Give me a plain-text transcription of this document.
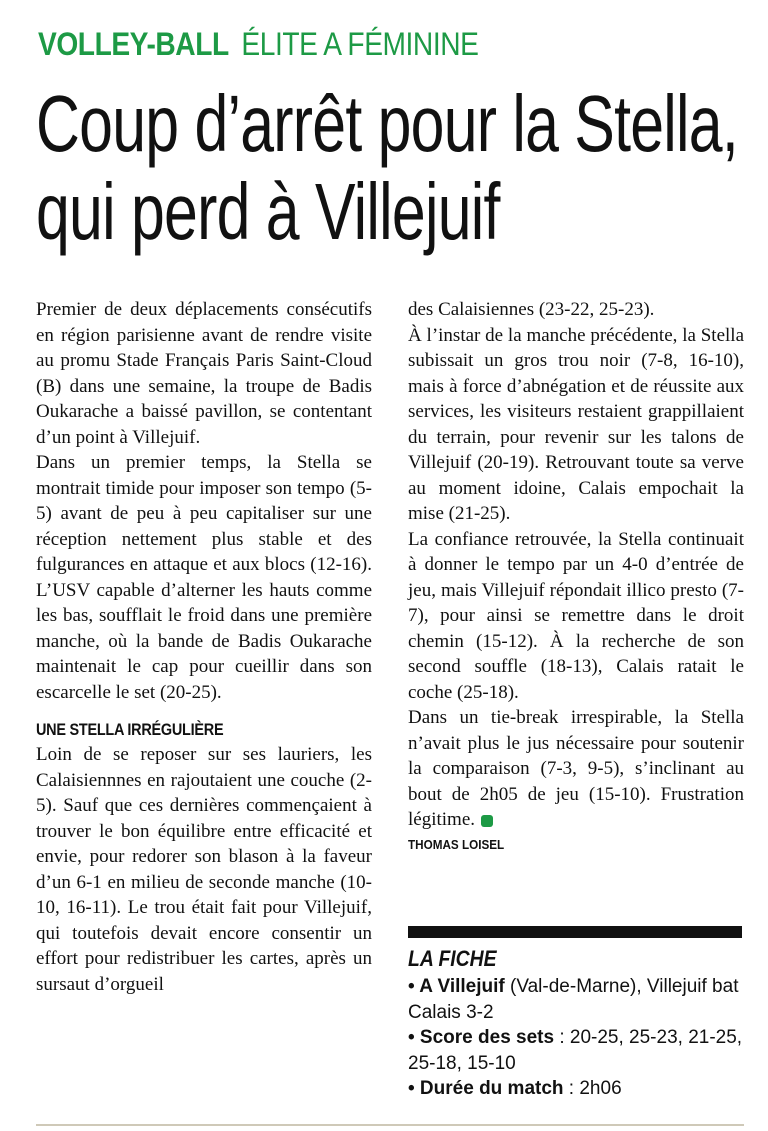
VOLLEY-BALL ÉLITE A FÉMININE
Coup d’arrêt pour la Stella,
qui perd à Villejuif

Premier de deux déplacements consécutifs en région parisienne avant de rendre visite au promu Stade Français Paris Saint-Cloud (B) dans une semaine, la troupe de Badis Oukarache a baissé pavillon, se contentant d’un point à Villejuif.

Dans un premier temps, la Stella se montrait timide pour imposer son tempo (5-5) avant de peu à peu capitaliser sur une réception nettement plus stable et des fulgurances en attaque et aux blocs (12-16). L’USV capable d’alterner les hauts comme les bas, soufflait le froid dans une première manche, où la bande de Badis Oukarache maintenait le cap pour cueillir dans son escarcelle le set (20-25).

UNE STELLA IRRÉGULIÈRE

Loin de se reposer sur ses lauriers, les Calaisiennnes en rajoutaient une couche (2-5). Sauf que ces dernières commençaient à trouver le bon équilibre entre efficacité et envie, pour redorer son blason à la faveur d’un 6-1 en milieu de seconde manche (10-10, 16-11). Le trou était fait pour Villejuif, qui toutefois devait encore consentir un effort pour redistribuer les cartes, après un sursaut d’orgueil

des Calaisiennes (23-22, 25-23).

À l’instar de la manche précédente, la Stella subissait un gros trou noir (7-8, 16-10), mais à force d’abnégation et de réussite aux services, les visiteurs restaient grappillaient du terrain, pour revenir sur les talons de Villejuif (20-19). Retrouvant toute sa verve au moment idoine, Calais empochait la mise (21-25).

La confiance retrouvée, la Stella continuait à donner le tempo par un 4-0 d’entrée de jeu, mais Villejuif répondait illico presto (7-7), pour ainsi se remettre dans le droit chemin (15-12). À la recherche de son second souffle (18-13), Calais ratait le coche (25-18).

Dans un tie-break irrespirable, la Stella n’avait plus le jus nécessaire pour soutenir la comparaison (7-3, 9-5), s’inclinant au bout de 2h05 de jeu (15-10). Frustration légitime.

THOMAS LOISEL
LA FICHE

• A Villejuif (Val-de-Marne), Villejuif bat Calais 3-2

• Score des sets : 20-25, 25-23, 21-25, 25-18, 15-10

• Durée du match : 2h06
